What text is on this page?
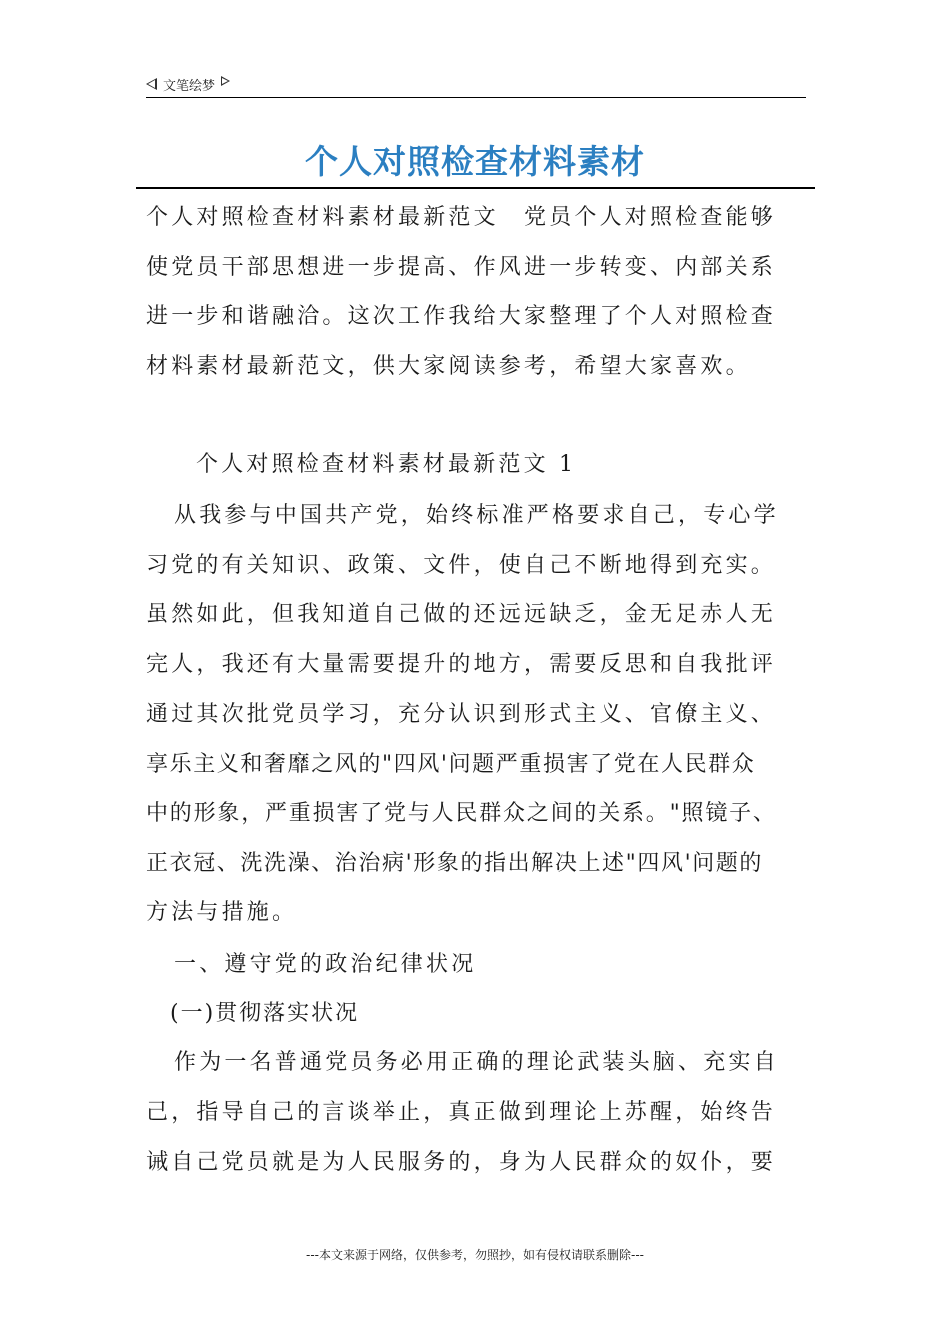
文笔绘梦
个人对照检查材料素材
个人对照检查材料素材最新范文　党员个人对照检查能够
使党员干部思想进一步提高、作风进一步转变、内部关系
进一步和谐融洽。这次工作我给大家整理了个人对照检查
材料素材最新范文，供大家阅读参考，希望大家喜欢。
个人对照检查材料素材最新范文 1
从我参与中国共产党，始终标准严格要求自己，专心学
习党的有关知识、政策、文件，使自己不断地得到充实。
虽然如此，但我知道自己做的还远远缺乏，金无足赤人无
完人，我还有大量需要提升的地方，需要反思和自我批评
通过其次批党员学习，充分认识到形式主义、官僚主义、
享乐主义和奢靡之风的"四风'问题严重损害了党在人民群众
中的形象，严重损害了党与人民群众之间的关系。"照镜子、
正衣冠、洗洗澡、治治病'形象的指出解决上述"四风'问题的
方法与措施。
一、遵守党的政治纪律状况
(一)贯彻落实状况
作为一名普通党员务必用正确的理论武装头脑、充实自
己，指导自己的言谈举止，真正做到理论上苏醒，始终告
诫自己党员就是为人民服务的，身为人民群众的奴仆，要
---本文来源于网络，仅供参考，勿照抄，如有侵权请联系删除---
